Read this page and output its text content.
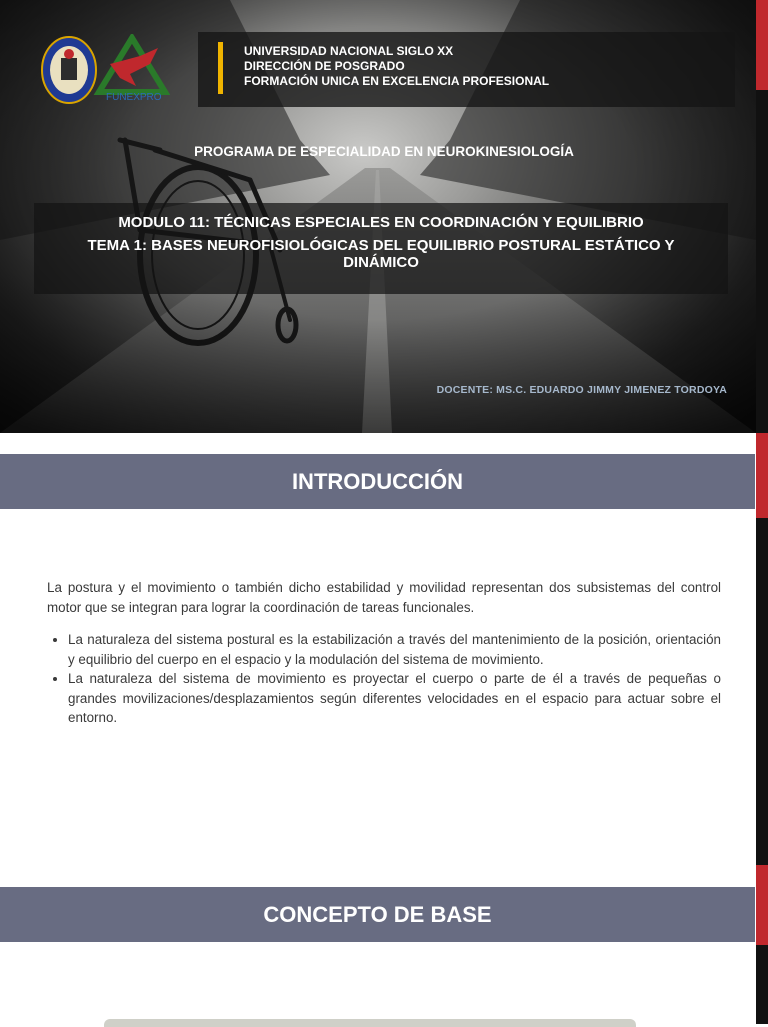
FUNEXPRO
UNIVERSIDAD NACIONAL SIGLO XX
DIRECCIÓN DE POSGRADO
FORMACIÓN UNICA EN EXCELENCIA PROFESIONAL
PROGRAMA DE ESPECIALIDAD EN NEUROKINESIOLOGÍA
MODULO 11: TÉCNICAS ESPECIALES EN COORDINACIÓN Y EQUILIBRIO
TEMA 1: BASES NEUROFISIOLÓGICAS DEL EQUILIBRIO POSTURAL ESTÁTICO Y DINÁMICO
DOCENTE: MS.C. EDUARDO JIMMY JIMENEZ TORDOYA
INTRODUCCIÓN

La postura y el movimiento o también dicho estabilidad y movilidad representan dos subsistemas del control motor que se integran para lograr la coordinación de tareas funcionales.

• La naturaleza del sistema postural es la estabilización a través del mantenimiento de la posición, orientación y equilibrio del cuerpo en el espacio y la modulación del sistema de movimiento.
• La naturaleza del sistema de movimiento es proyectar el cuerpo o parte de él a través de pequeñas o grandes movilizaciones/desplazamientos según diferentes velocidades en el espacio para actuar sobre el entorno.
CONCEPTO DE BASE
